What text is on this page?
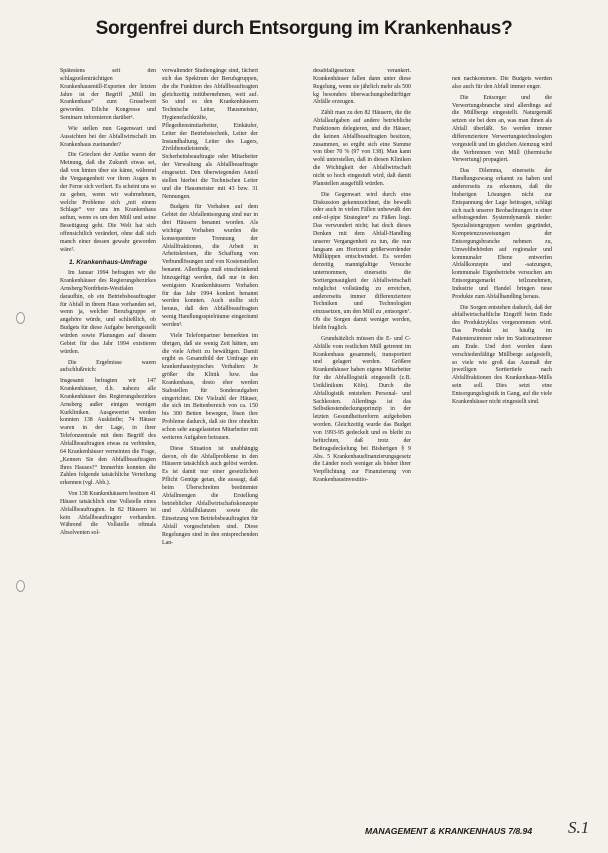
Sorgenfrei durch Entsorgung im Krankenhaus?

Spätestens seit den schlagzeilenträchtigen Krankenhausmüll-Exporten der letzten Jahre ist der Begriff „Müll im Krankenhaus“ zum Gruselwort geworden. Etliche Kongresse und Seminare informieren darüber¹.

Wie stellen nun Gegenwart und Aussichten bei der Abfallwirtschaft im Krankenhaus zueinander?

Die Griechen der Antike waren der Meinung, daß die Zukunft etwas sei, daß von hinten über sie käme, während die Vergangenheit vor ihren Augen in der Ferne sich verliert. Es scheint uns so zu gehen, wenn wir wahrnehmen, welche Probleme sich „mit einem Schlage“ vor uns im Krankenhaus auftun, wenn es um den Müll und seine Beseitigung geht. Die Welt hat sich offensichtlich verändert, ohne daß sich manch einer dessen gewahr geworden wäre².

1. Krankenhaus-Umfrage

Im Januar 1994 befragten wir die Krankenhäuser des Regierungsbezirkes Arnsberg/Nordrhein-Westfalen daraufhin, ob ein Betriebsbeauftragter für Abfall in ihrem Haus vorhanden sei, wenn ja, welcher Berufsgruppe er angehöre würde, und schließlich, ob Budgets für diese Aufgabe bereitgestellt würden sowie Planungen auf diesem Gebiet für das Jahr 1994 existieren würden.

Die Ergebnisse waren aufschlußreich:

Insgesamt befragten wir 147 Krankenhäuser, d.h. nahezu alle Krankenhäuser des Regierungsbezirkes Arnsberg außer einigen wenigen Kurkliniken. Ausgewertet werden konnten 138 Auskünfte; 74 Häuser waren in der Lage, in ihrer Telefonzentrale mit dem Begriff des Abfallbeauftragten etwas zu verbinden, 64 Krankenhäuser verneinten die Frage, „Kennen Sie den Abfallbeauftragten Ihres Hauses?“ Immerhin konnten die Zahlen folgende tatsächliche Verteilung erkennen (vgl. Abb.).

Von 138 Krankenhäusern besitzen 41 Häuser tatsächlich eine Vollstelle eines Abfallbeauftragten. In 82 Häusern ist kein Abfallbeauftragter vorhanden. Während die Vollstelle oftmals Absolventen sol-

verwaltender Studiengänge sind, fächert sich das Spektrum der Berufsgruppen, die die Funktion des Abfallbeauftragten gleichzeitig mitübernehmen, weit auf. So sind es den Krankenhäusern Technische Leiter, Hausmeister, Hygienefachkräfte, Pflegedienstmitarbeiter, Einkäufer, Leiter der Betriebstechnik, Leiter der Instandhaltung, Leiter des Lagers, Zivildienstleistende, Sicherheitsbeauftragte oder Mitarbeiter der Verwaltung als Abfallbeauftragte eingesetzt. Den überwiegenden Anteil stellen hierbei die Technischen Leiter und die Hausmeister mit 43 bzw. 31 Nennungen.

Budgets für Vorhaben auf dem Gebiet der Abfallentsorgung sind nur in drei Häusern benannt worden. Als wichtige Vorhaben wurden die konsequentere Trennung der Abfallfraktionen, die Arbeit in Arbeitskreisen, die Schaffung von Verbundlösungen und von Kostenstellen benannt. Allerdings muß einschränkend hinzugefügt werden, daß nur in den wenigsten Krankenhäusern Vorhaben für das Jahr 1994 konkret benannt werden konnten. Auch stellte sich heraus, daß den Abfallbeauftragten wenig Handlungsspielräume eingeräumt werden³.

Viele Telefonpartner bemerkten im übrigen, daß sie wenig Zeit hätten, um die viele Arbeit zu bewältigen. Damit ergibt es Gesamtbild der Umfrage ein krankenhaustypisches Verhalten: Je größer die Klinik bzw. das Krankenhaus, desto eher werden Stabstellen für Sonderaufgaben eingerichtet. Die Vielzahl der Häuser, die sich im Bettenbereich von ca. 150 bis 300 Betten bewegen, lösen ihre Probleme dadurch, daß sie ihre ohnehin schon sehr ausgelasteten Mitarbeiter mit weiteren Aufgaben betrauen.

Diese Situation ist unabhängig davon, ob die Abfallprobleme in den Häusern tatsächlich auch gelöst werden. Es ist damit nur einer gesetzlichen Pflicht Genüge getan, die aussagt, daß beim Überschreiten bestimmter Abfallmengen die Erstellung betrieblicher Abfallwirtschaftskonzepte und Abfallbilanzen sowie die Einsetzung von Betriebsbeauftragten für Abfall vorgeschrieben sind. Diese Regelungen sind in den entsprechenden Lan-

desabfallgesetzen verankert. Krankenhäuser fallen dann unter diese Regelung, wenn sie jährlich mehr als 500 kg besonders überwachungsbedürftiger Abfälle erzeugen.

Zählt man zu den 82 Häusern, die die Abfallaufgaben auf andere betriebliche Funktionen delegieren, und die Häuser, die keinen Abfallbeauftragten besitzen, zusammen, so ergibt sich eine Summe von über 70 % (97 von 138). Man kann wohl unterstellen, daß in diesen Kliniken die Wichtigkeit der Abfallwirtschaft nicht so hoch eingestuft wird, daß damit Planstellen ausgefüllt würden.

Die Gegenwart wird durch eine Diskussion gekennzeichnet, die bewußt oder auch in vielen Fällen unbewußt den end-of-pipe Strategien⁴ zu Füßen liegt. Das verwundert nicht; hat doch dieses Denken mit dem Abfall-Handling unserer Vergangenheit zu tun, die nun langsam am Horizont größerwerdender Müllkippen entschwindet. Es werden derzeitig mannigfaltige Versuche unternommen, einerseits die Sortiergenauigkeit der Abfallwirtschaft möglichst vollständig zu erreichen, andererseits immer differenziertere Techniken und Technologien einzusetzen, um den Müll zu ‚entsorgen‘. Ob die Sorgen damit weniger werden, bleibt fraglich.

Grundsätzlich müssen die E- und C-Abfälle vom restlichen Müll getrennt im Krankenhaus gesammelt, transportiert und gelagert werden. Größere Krankenhäuser haben eigene Mitarbeiter für die Abfalllogistik eingestellt (z.B. Uniklinikum Köln). Durch die Abfallogistik entstehen Personal- und Sachkosten. Allerdings ist das Selbstkostendeckungsprinzip in der letzten Gesundheitsreform aufgehoben worden. Gleichzeitig wurde das Budget von 1993-95 gedeckelt und es bleibt zu befürchten, daß trotz der Beitragsdeckelung bei Bisherigen § 9 Abs. 5 Krankenhausfinanzierungsgesetz die Länder noch weniger als bisher ihrer Verpflichtung zur Finanzierung von Krankenhausinvestitio-

nen nachkommen. Die Budgets werden also auch für den Abfall immer enger.

Die Entsorger und die Verwertungsbranche sind allerdings auf die Müllberge eingestellt. Naturgemäß setzen sie bei dem an, was man ihnen als Abfall überläßt. So werden immer differenziertere Verwertungstechnologien vorgestellt und im gleichen Atemzug wird die Verbrennen von Müll (thermische Verwertung) propagiert.

Das Dilemma, einerseits der Handlungszwang erkannt zu haben und andererseits zu erkennen, daß die bisherigen Lösungen nicht zur Entspannung der Lage beitragen, schlägt sich nach unserer Beobachtungen in einer selbstragenden Systemdynamik nieder: Spezialistengruppen werden gegründet, Kompetenzzuweisungen der Entsorgungsbranche nehmen zu, Umweltbehörden auf regionaler und kommunaler Ebene entwerfen Abfallkonzepte und -satzungen, kommunale Eigenbetriebe versuchen am Entsorgungsmarkt teilzunehmen, Industrie und Handel bringen neue Produkte zum Abfallhandling heraus.

Die Sorgen entstehen dadurch, daß der abfallwirtschaftliche Eingriff beim Ende des Produktzyklus vorgenommen wird. Das Produkt ist häufig im Patientenzimmer oder im Stationszimmer am Ende. Und dort werden dann verschiedenfältige Müllberge aufgestellt, so viele wie groß das Ausmaß der jeweiligen Sortiertiefe nach Abfallfraktionen des Krankenhaus-Mülls sein soll. Dies setzt eine Entsorgungslogistik in Gang, auf die viele Krankenhäuser nicht eingestellt sind.

MANAGEMENT & KRANKENHAUS 7/8.94 S.1
